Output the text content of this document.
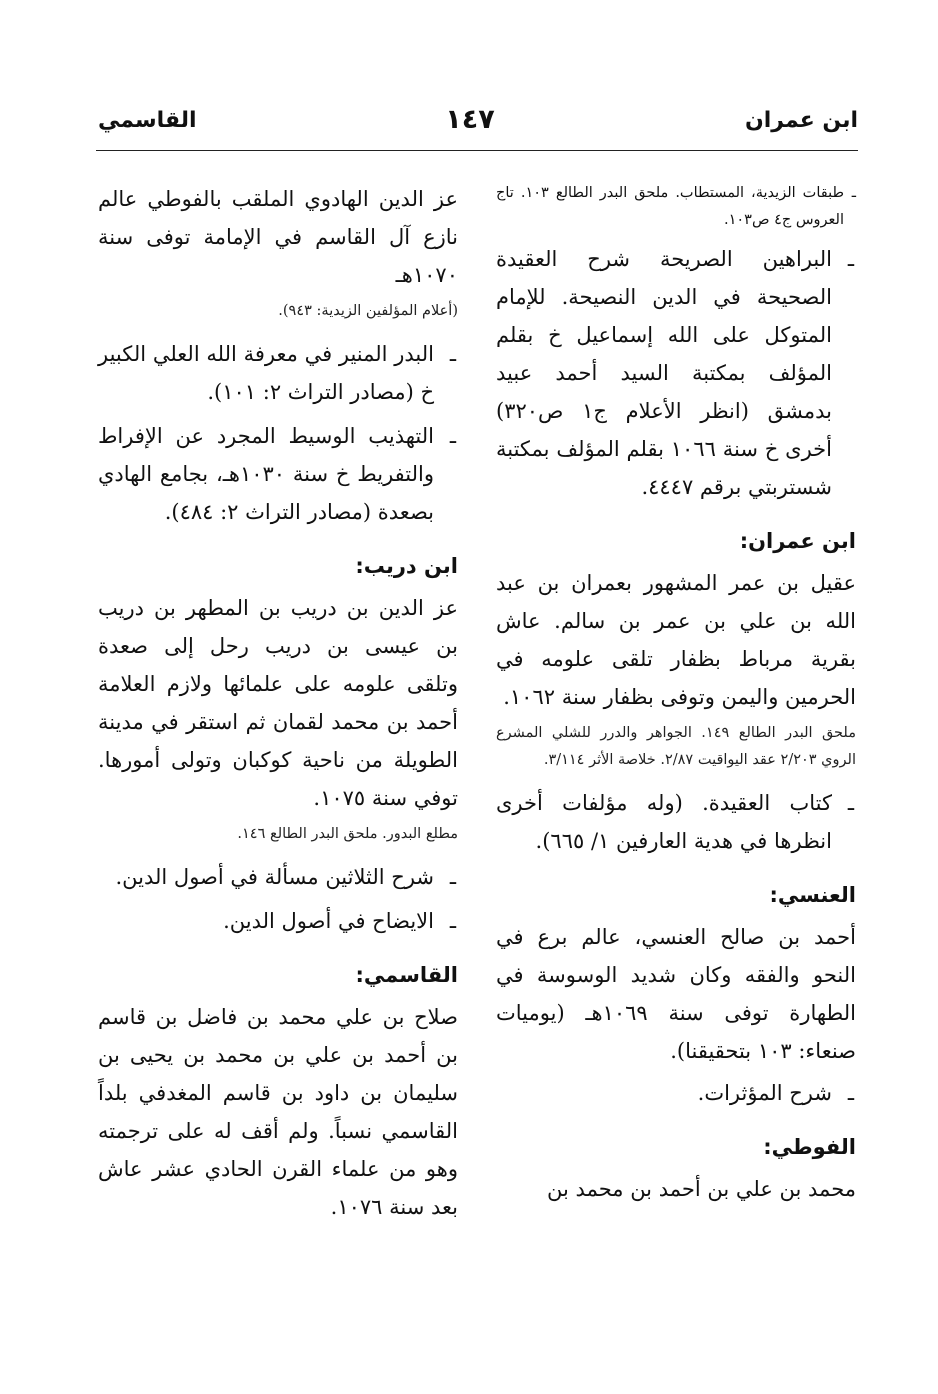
ابن عمران
١٤٧
القاسمي
ـ طبقات الزيدية، المستطاب. ملحق البدر الطالع ١٠٣. تاج العروس ج٤ ص١٠٣.
ـ البراهين الصريحة شرح العقيدة الصحيحة في الدين النصيحة. للإمام المتوكل على الله إسماعيل خ بقلم المؤلف بمكتبة السيد أحمد عبيد بدمشق (انظر الأعلام ج١ ص٣٢٠) أخرى خ سنة ١٠٦٦ بقلم المؤلف بمكتبة شستربتي برقم ٤٤٤٧.
ابن عمران:

عقيل بن عمر المشهور بعمران بن عبد الله بن علي بن عمر بن سالم. عاش بقرية مرباط بظفار تلقى علومه في الحرمين واليمن وتوفى بظفار سنة ١٠٦٢.

ملحق البدر الطالع ١٤٩. الجواهر والدرر للشلي المشرع الروي ٢/٢٠٣ عقد اليواقيت ٢/٨٧. خلاصة الأثر ٣/١١٤.

ـ كتاب العقيدة. (وله مؤلفات أخرى انظرها في هدية العارفين ١/ ٦٦٥).
العنسي:

أحمد بن صالح العنسي، عالم برع في النحو والفقه وكان شديد الوسوسة في الطهارة توفى سنة ١٠٦٩هـ (يوميات صنعاء: ١٠٣ بتحقيقنا).

ـ شرح المؤثرات.
الفوطي:

محمد بن علي بن أحمد بن محمد بن

عز الدين الهادوي الملقب بالفوطي عالم نازع آل القاسم في الإمامة توفى سنة ١٠٧٠هـ

(أعلام المؤلفين الزيدية: ٩٤٣).

ـ البدر المنير في معرفة الله العلي الكبير خ (مصادر التراث ٢: ١٠١).
ـ التهذيب الوسيط المجرد عن الإفراط والتفريط خ سنة ١٠٣٠هـ، بجامع الهادي بصعدة (مصادر التراث ٢: ٤٨٤).
ابن دريب:

عز الدين بن دريب بن المطهر بن دريب بن عيسى بن دريب رحل إلى صعدة وتلقى علومه على علمائها ولازم العلامة أحمد بن محمد لقمان ثم استقر في مدينة الطويلة من ناحية كوكبان وتولى أمورها. توفي سنة ١٠٧٥.

مطلع البدور. ملحق البدر الطالع ١٤٦.

ـ شرح الثلاثين مسألة في أصول الدين.
ـ الايضاح في أصول الدين.
القاسمي:

صلاح بن علي محمد بن فاضل بن قاسم بن أحمد بن علي بن محمد بن يحيى بن سليمان بن داود بن قاسم المغدفي بلداً القاسمي نسباً. ولم أقف له على ترجمته وهو من علماء القرن الحادي عشر عاش بعد سنة ١٠٧٦.
